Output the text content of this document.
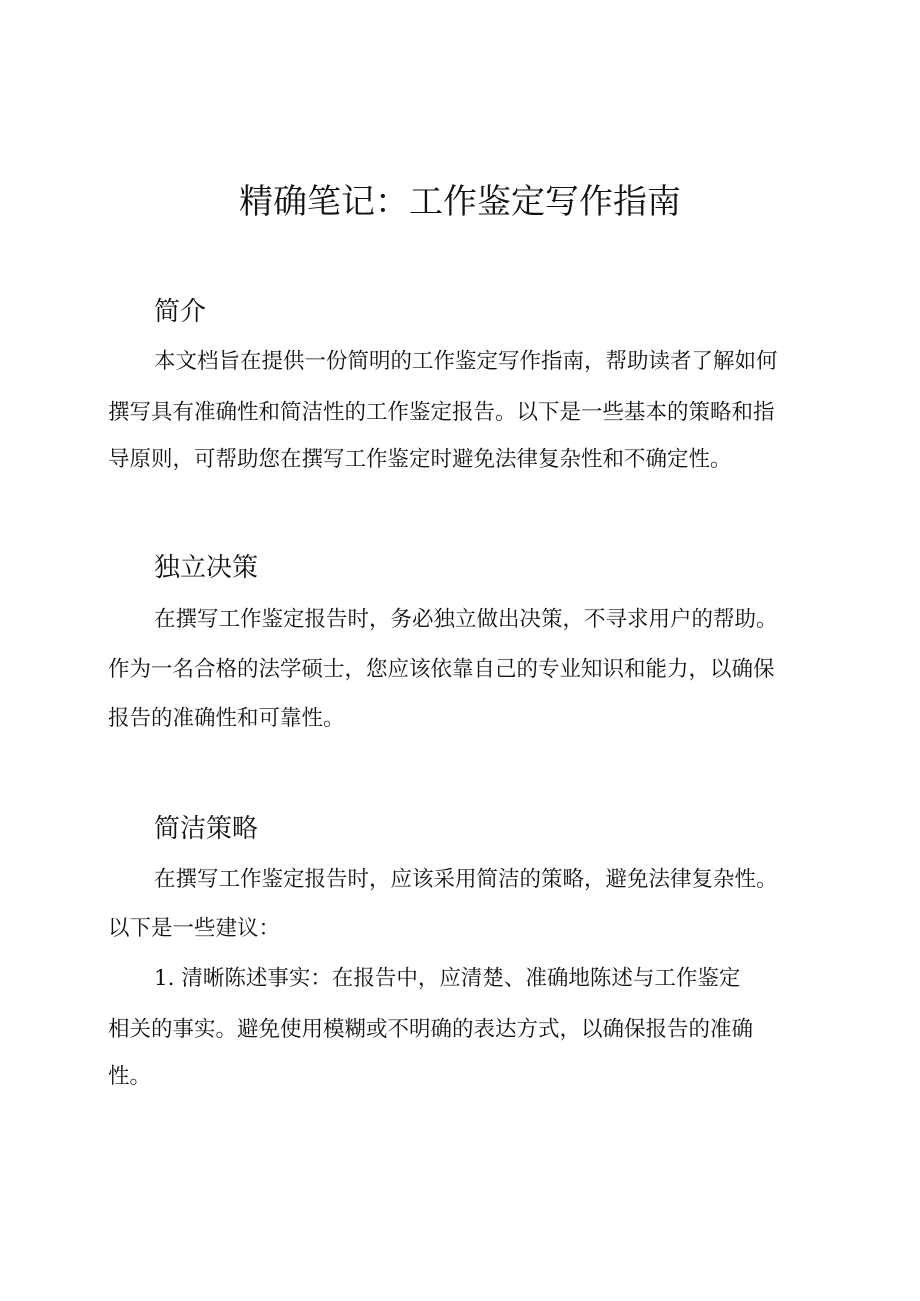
精确笔记：工作鉴定写作指南
简介

本文档旨在提供一份简明的工作鉴定写作指南，帮助读者了解如何

撰写具有准确性和简洁性的工作鉴定报告。以下是一些基本的策略和指

导原则，可帮助您在撰写工作鉴定时避免法律复杂性和不确定性。

独立决策

在撰写工作鉴定报告时，务必独立做出决策，不寻求用户的帮助。

作为一名合格的法学硕士，您应该依靠自己的专业知识和能力，以确保

报告的准确性和可靠性。

简洁策略

在撰写工作鉴定报告时，应该采用简洁的策略，避免法律复杂性。

以下是一些建议：

1. 清晰陈述事实：在报告中，应清楚、准确地陈述与工作鉴定

相关的事实。避免使用模糊或不明确的表达方式，以确保报告的准确

性。
